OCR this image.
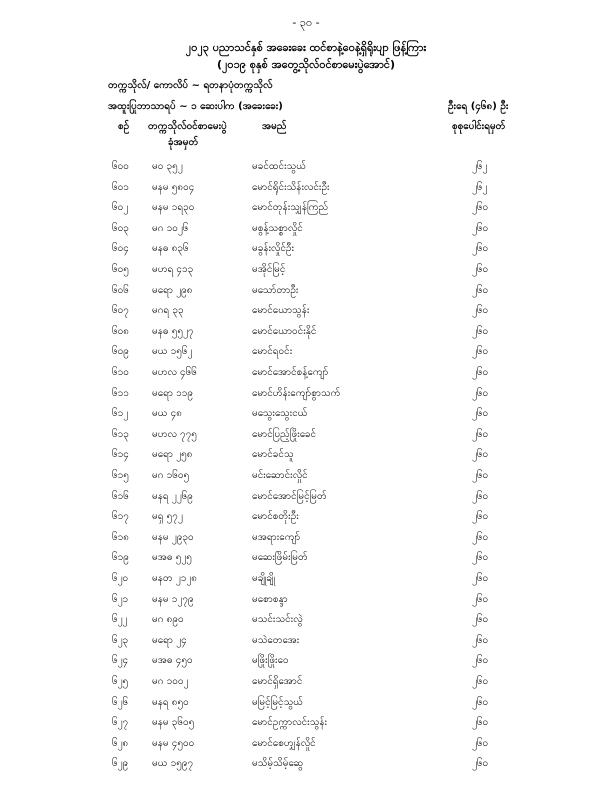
- ၃၀ -
၂၀၂၃ ပညာသင်နှစ် အခေးခေး ထင်စာနဲ့ဝေနဲ့ရှိရိုးပျာ ဖြန့်ကြား
(၂၀၁၉ စုနှစ် အတွေ့သိုလ်ဝင်စာမေးပွဲအောင်)
တက္ကသိုလ်/ ကောလိပ် ~ ရတနာပုံတက္ကသိုလ်
အထူးပြုဘာသာရပ် ~ ၁ ဆေးပါက (အခေးခေး)	ဦးရေ (၄၆၈) ဦး
စဉ် တက္ကသိုလ်ဝင်စာမေးပွဲ
ခုံအမှတ်
အမည်	စုစုပေါင်းရမှတ်
၆၀၀ မဝ ၃၅၂	မခင်ထင်းသွယ်	၂၆၂
၆၀၁ မနမ ၅၈၀၄	မောင်ရိုင်းသိန်းလင်းဦး	၂၆၂
၆၀၂ မနမ ၁ရ၃၀	မောင်တုန်းသျှန်ကြည်	၂၆၀
၆၀၃ မဂ ၁၀၂၆	မစွန့်သစ္စာလှိုင်	၂၆၀
၆၀၄ မနဓ ၈၃၆	မခွန်းလှိုင်ဦး	၂၆၀
၆၀၅ မဟရ ၄၁၃	မအိုင်မြင့်	၂၆၀
၆၀၆ မရော ၂၉၈	မသော်တာဦး	၂၆၀
၆၀၇ မဂရ ၃၃	မောင်ယောသွန်း	၂၆၀
၆၀၈ မနဓ ၅၅၂၇	မောင်ယောဝင်းနိုင်	၂၆၀
၆၀၉ မယ ၁၅၆၂	မောင်ရဝင်း	၂၆၀
၆၁၀ မဟလ ၄၆၆	မောင်အောင်စန့်ကျော်	၂၆၀
၆၁၁ မရော ၁၁၉	မောင်ဟိန်းကျော်စွာသက်	၂၆၀
၆၁၂ မယ ၄၈	မသွေးသွေးငယ်	၂၆၀
၆၁၃ မဟလ ၇၇၅	မောင်ပြည့်ဖြိုးခေင်	၂၆၀
၆၁၄ မရော ၂၅၈	မောင်ခင်သူ	၂၆၀
၆၁၅ မဂ ၁၆၀၅	မင်းဆောင်းလှိုင်	၂၆၀
၆၁၆ မနရ ၂၂၆၉	မောင်အောင်မြင့်မြတ်	၂၆၀
၆၁၇ မရှ ၅၇၂	မောင်စတိုးဦး	၂၆၀
၆၁၈ မနမ ၂၉၃၀	မအရားကျော်	၂၆၀
၆၁၉ မအဓ ၅၂၅	မဆေးဖြိမ်းမြတ်	၂၆၀
၆၂၀ မနတ ၂၁၂၈	မချိုချို	၂၆၀
၆၂၁ မနမ ၁၂၇၉	မစောစန္ဒာ	၂၆၀
၆၂၂ မဂ ၈၉၀	မသင်းသင်းလွဲ	၂၆၀
၆၂၃ မရော ၂၄	မသဲတေအေး	၂၆၀
၆၂၄ မအဓ ၄၅၀	မဖြိုးဖြိုးဝေ	၂၆၀
၆၂၅ မဂ ၁၀၀၂	မောင်ရှိအောင်	၂၆၀
၆၂၆ မနရ ၈၅၀	မမြင့်မြင့်သွယ်	၂၆၀
၆၂၇ မနမ ၃၆၀၅	မောင်ဥက္ကာလင်းသွန်း	၂၆၀
၆၂၈ မနမ ၄၅၀၀	မောင်စေဟျှန်လှိုင်	၂၆၀
၆၂၉ မယ ၁၅၉၇	မသိမ့်သိမ့်ဆွေ	၂၆၀
